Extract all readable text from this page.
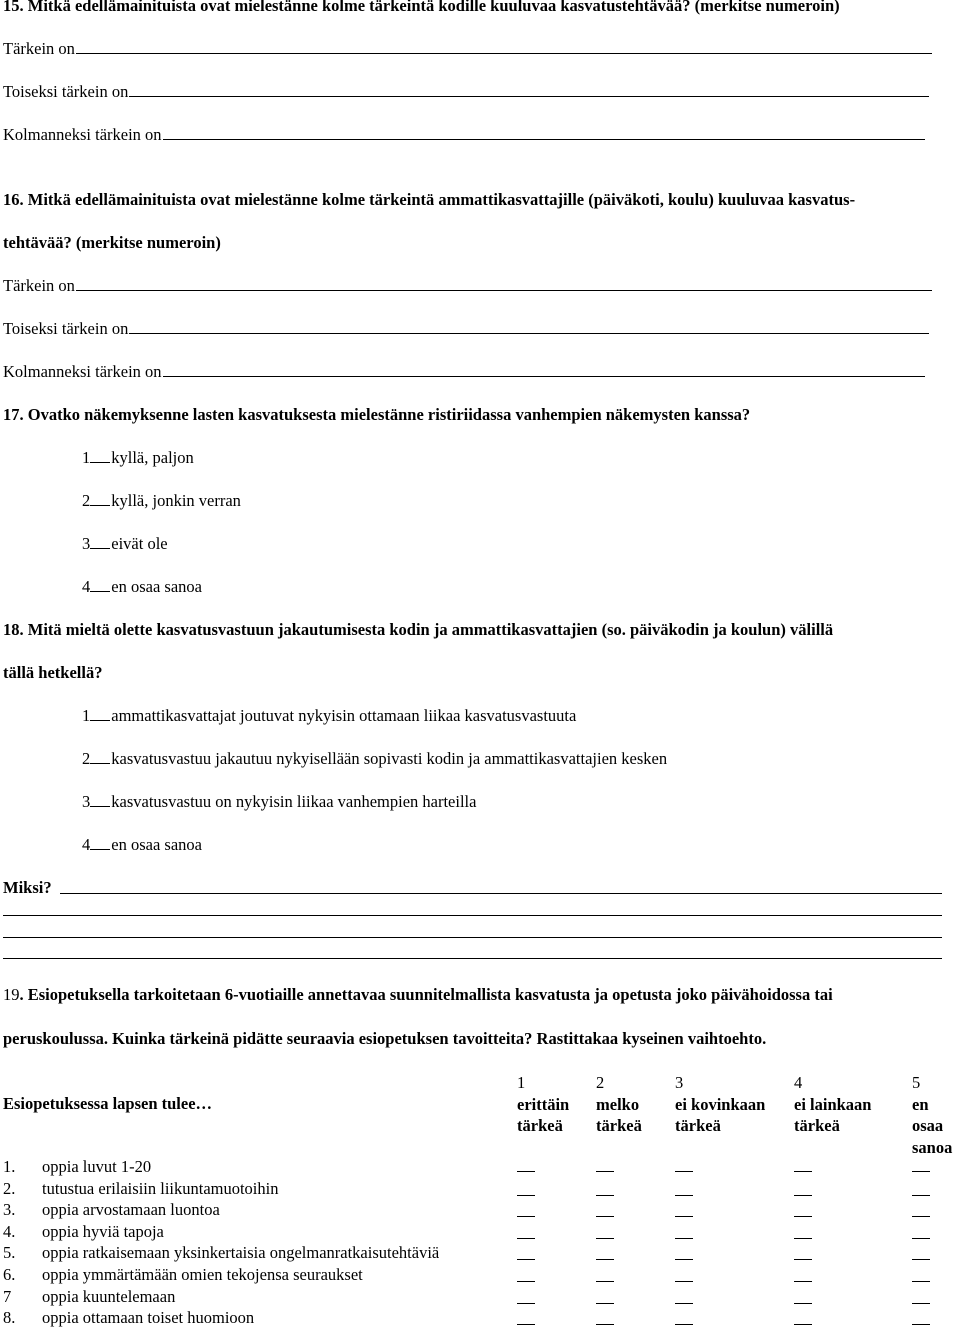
15. Mitkä edellämainituista ovat mielestänne kolme tärkeintä kodille kuuluvaa kasvatustehtävää? (merkitse numeroin)
Tärkein on
Toiseksi tärkein on
Kolmanneksi tärkein on
16. Mitkä edellämainituista ovat mielestänne kolme tärkeintä ammattikasvattajille (päiväkoti, koulu) kuuluvaa kasvatus-
tehtävää? (merkitse numeroin)
Tärkein on
Toiseksi tärkein on
Kolmanneksi tärkein on
17. Ovatko näkemyksenne lasten kasvatuksesta mielestänne ristiriidassa vanhempien näkemysten kanssa?
1 kyllä, paljon
2 kyllä, jonkin verran
3 eivät ole
4 en osaa sanoa
18. Mitä mieltä olette kasvatusvastuun jakautumisesta kodin ja ammattikasvattajien (so. päiväkodin ja koulun) välillä
tällä hetkellä?
1 ammattikasvattajat joutuvat nykyisin ottamaan liikaa kasvatusvastuuta
2 kasvatusvastuu jakautuu nykyisellään sopivasti kodin ja ammattikasvattajien kesken
3 kasvatusvastuu on nykyisin liikaa vanhempien harteilla
4 en osaa sanoa
Miksi?
19. Esiopetuksella tarkoitetaan 6-vuotiaille annettavaa suunnitelmallista kasvatusta ja opetusta joko päivähoidossa tai
peruskoulussa. Kuinka tärkeinä pidätte seuraavia esiopetuksen tavoitteita? Rastittakaa kyseinen vaihtoehto.
Esiopetuksessa lapsen tulee…
1
erittäin
tärkeä
2
melko
tärkeä
3
ei kovinkaan
tärkeä
4
ei lainkaan
tärkeä
5
en
osaa
sanoa
1. oppia luvut 1-20
2. tutustua erilaisiin liikuntamuotoihin
3. oppia arvostamaan luontoa
4. oppia hyviä tapoja
5. oppia ratkaisemaan yksinkertaisia ongelmanratkaisutehtäviä
6. oppia ymmärtämään omien tekojensa seuraukset
7 oppia kuuntelemaan
8. oppia ottamaan toiset huomioon
